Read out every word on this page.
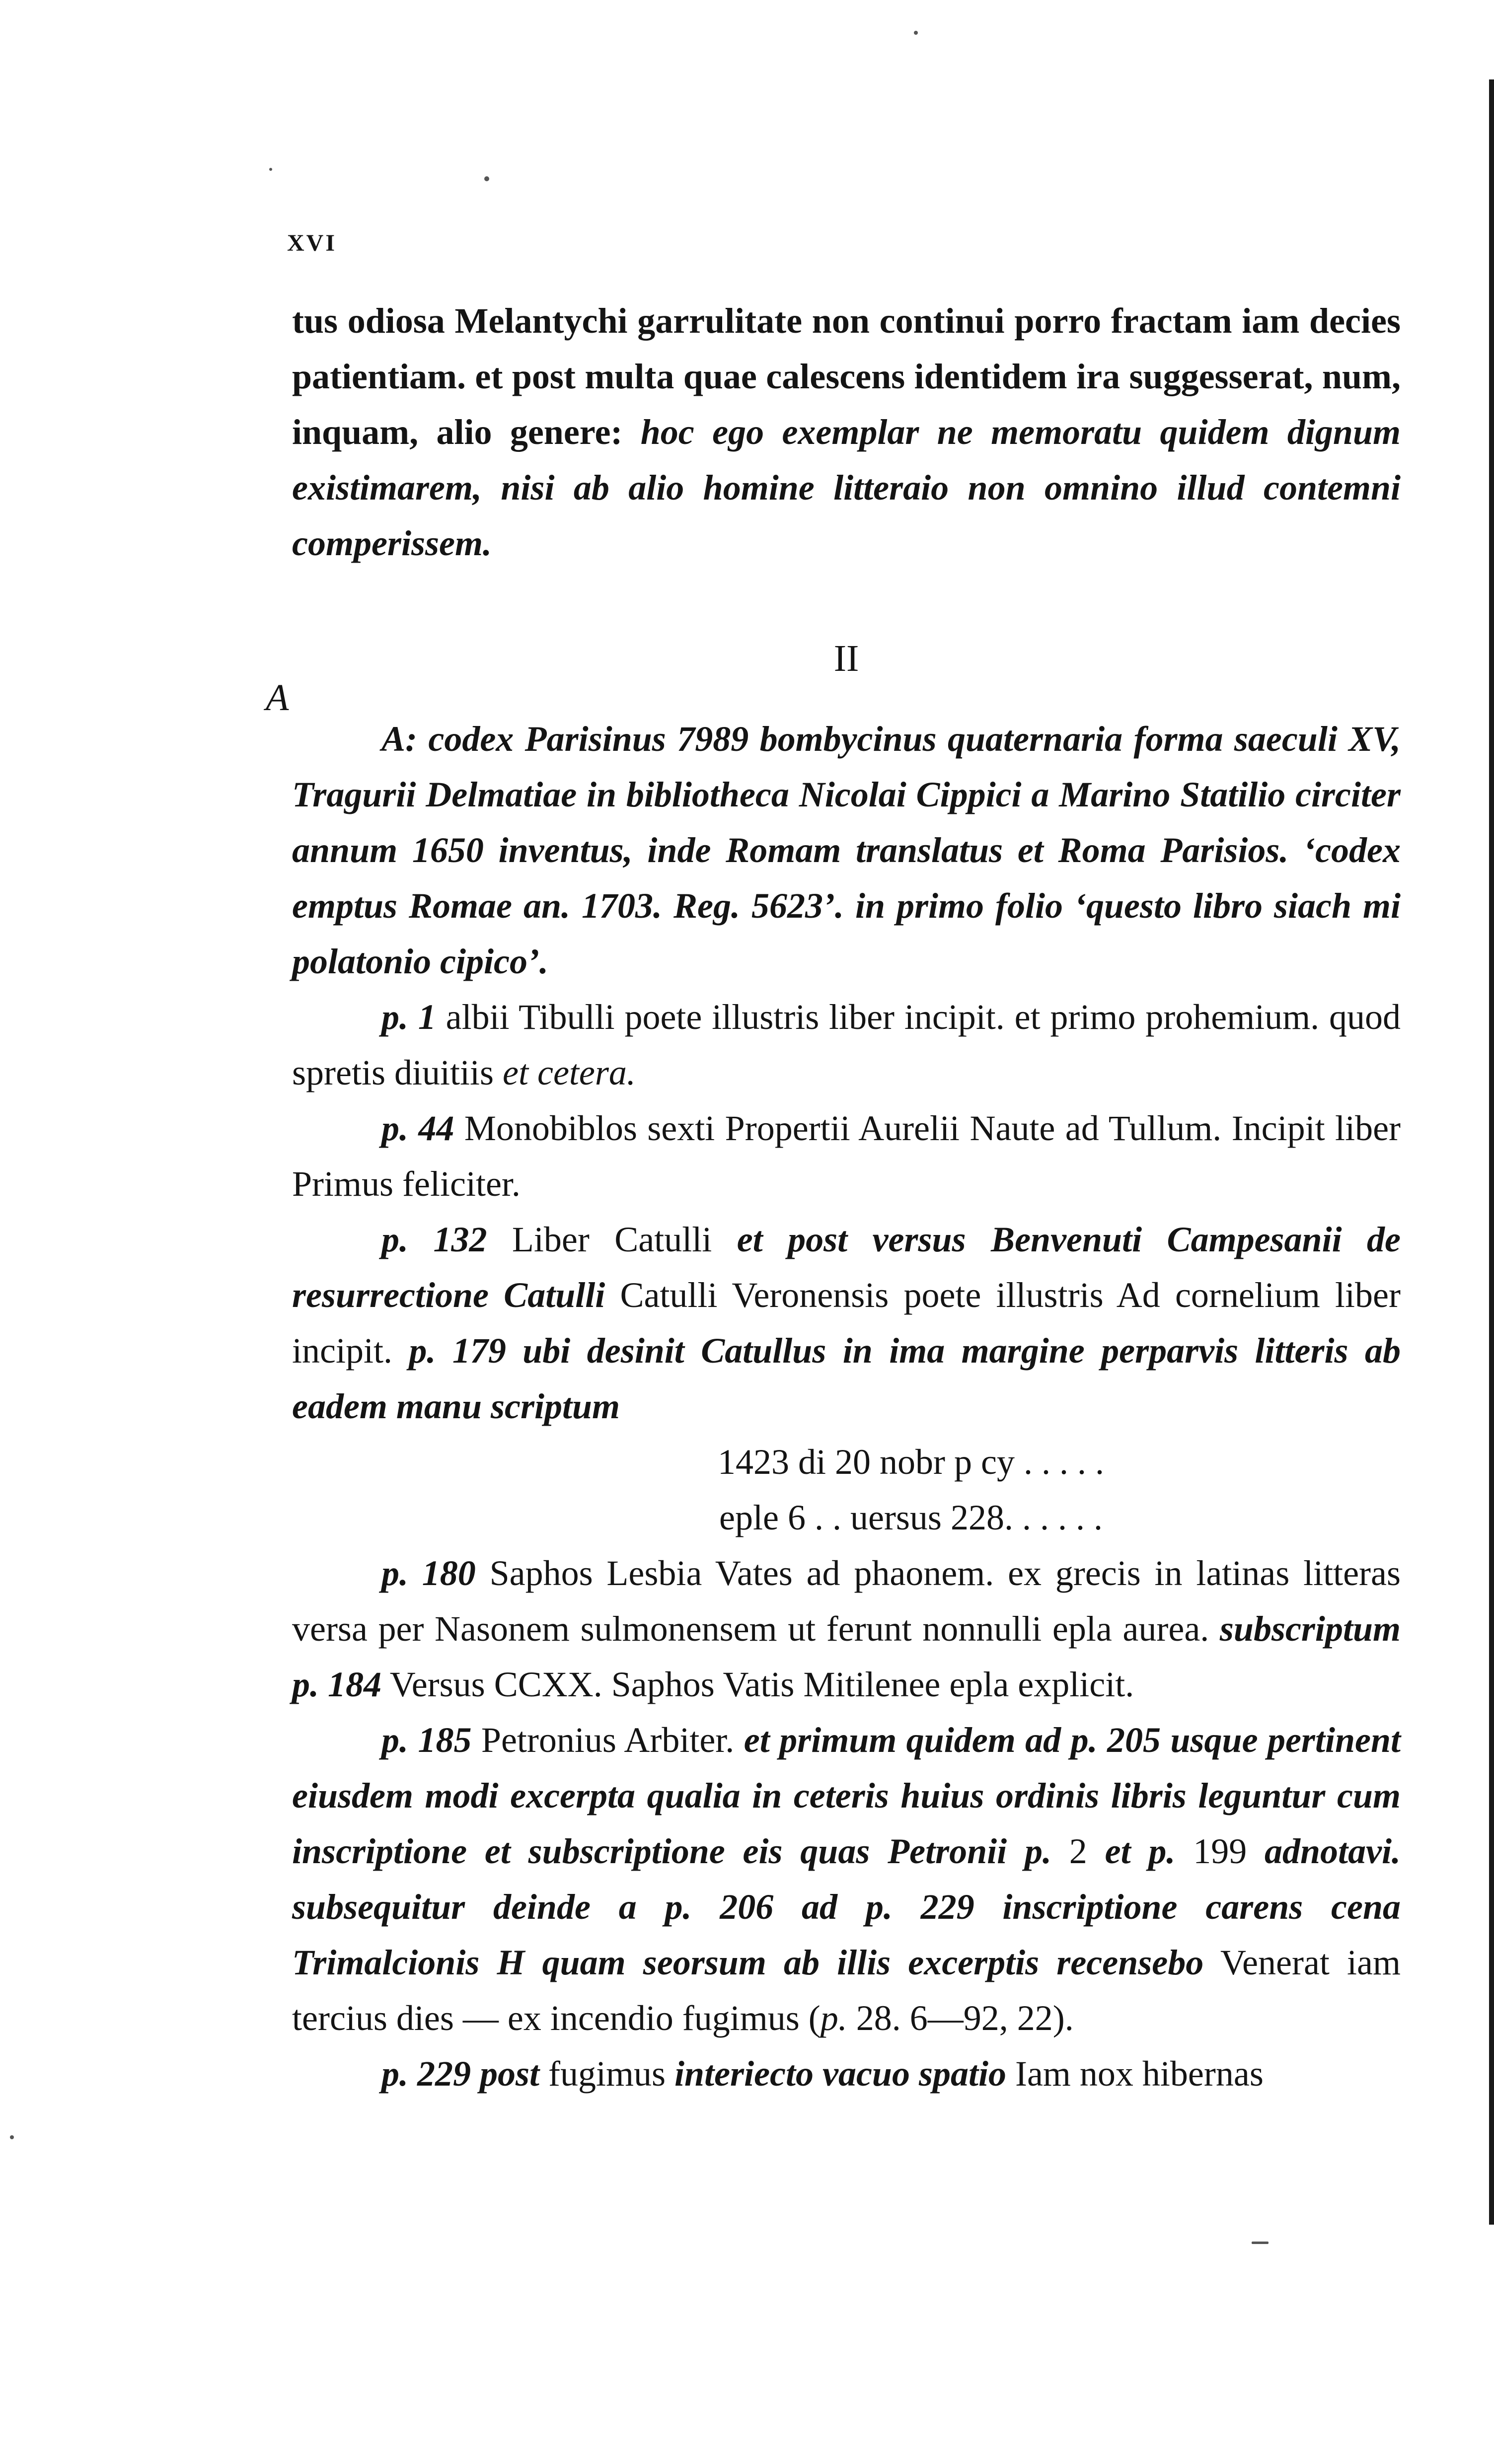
XVI
A

tus odiosa Melantychi garrulitate non continui porro fractam iam decies patientiam. et post multa quae calescens identidem ira suggesserat, num, inquam, alio genere: hoc ego exemplar ne memoratu quidem dignum existimarem, nisi ab alio homine litteraio non omnino illud contemni comperissem.

II

A: codex Parisinus 7989 bombycinus quaternaria forma saeculi XV, Tragurii Delmatiae in bibliotheca Nicolai Cippici a Marino Statilio circiter annum 1650 inventus, inde Romam translatus et Roma Parisios. ‘codex emptus Romae an. 1703. Reg. 5623’. in primo folio ‘questo libro siach mi polatonio cipico’.

p. 1 albii Tibulli poete illustris liber incipit. et primo prohemium. quod spretis diuitiis et cetera.

p. 44 Monobiblos sexti Propertii Aurelii Naute ad Tullum. Incipit liber Primus feliciter.

p. 132 Liber Catulli et post versus Benvenuti Campesanii de resurrectione Catulli Catulli Veronensis poete illustris Ad cornelium liber incipit. p. 179 ubi desinit Catullus in ima margine perparvis litteris ab eadem manu scriptum

1423 di 20 nobr p cy . . . . .
eple 6 . . uersus 228. . . . . .

p. 180 Saphos Lesbia Vates ad phaonem. ex grecis in latinas litteras versa per Nasonem sulmonensem ut ferunt nonnulli epla aurea. subscriptum p. 184 Versus CCXX. Saphos Vatis Mitilenee epla explicit.

p. 185 Petronius Arbiter. et primum quidem ad p. 205 usque pertinent eiusdem modi excerpta qualia in ceteris huius ordinis libris leguntur cum inscriptione et subscriptione eis quas Petronii p. 2 et p. 199 adnotavi. subsequitur deinde a p. 206 ad p. 229 inscriptione carens cena Trimalcionis H quam seorsum ab illis excerptis recensebo Venerat iam tercius dies — ex incendio fugimus (p. 28. 6—92, 22).

p. 229 post fugimus interiecto vacuo spatio Iam nox hibernas
